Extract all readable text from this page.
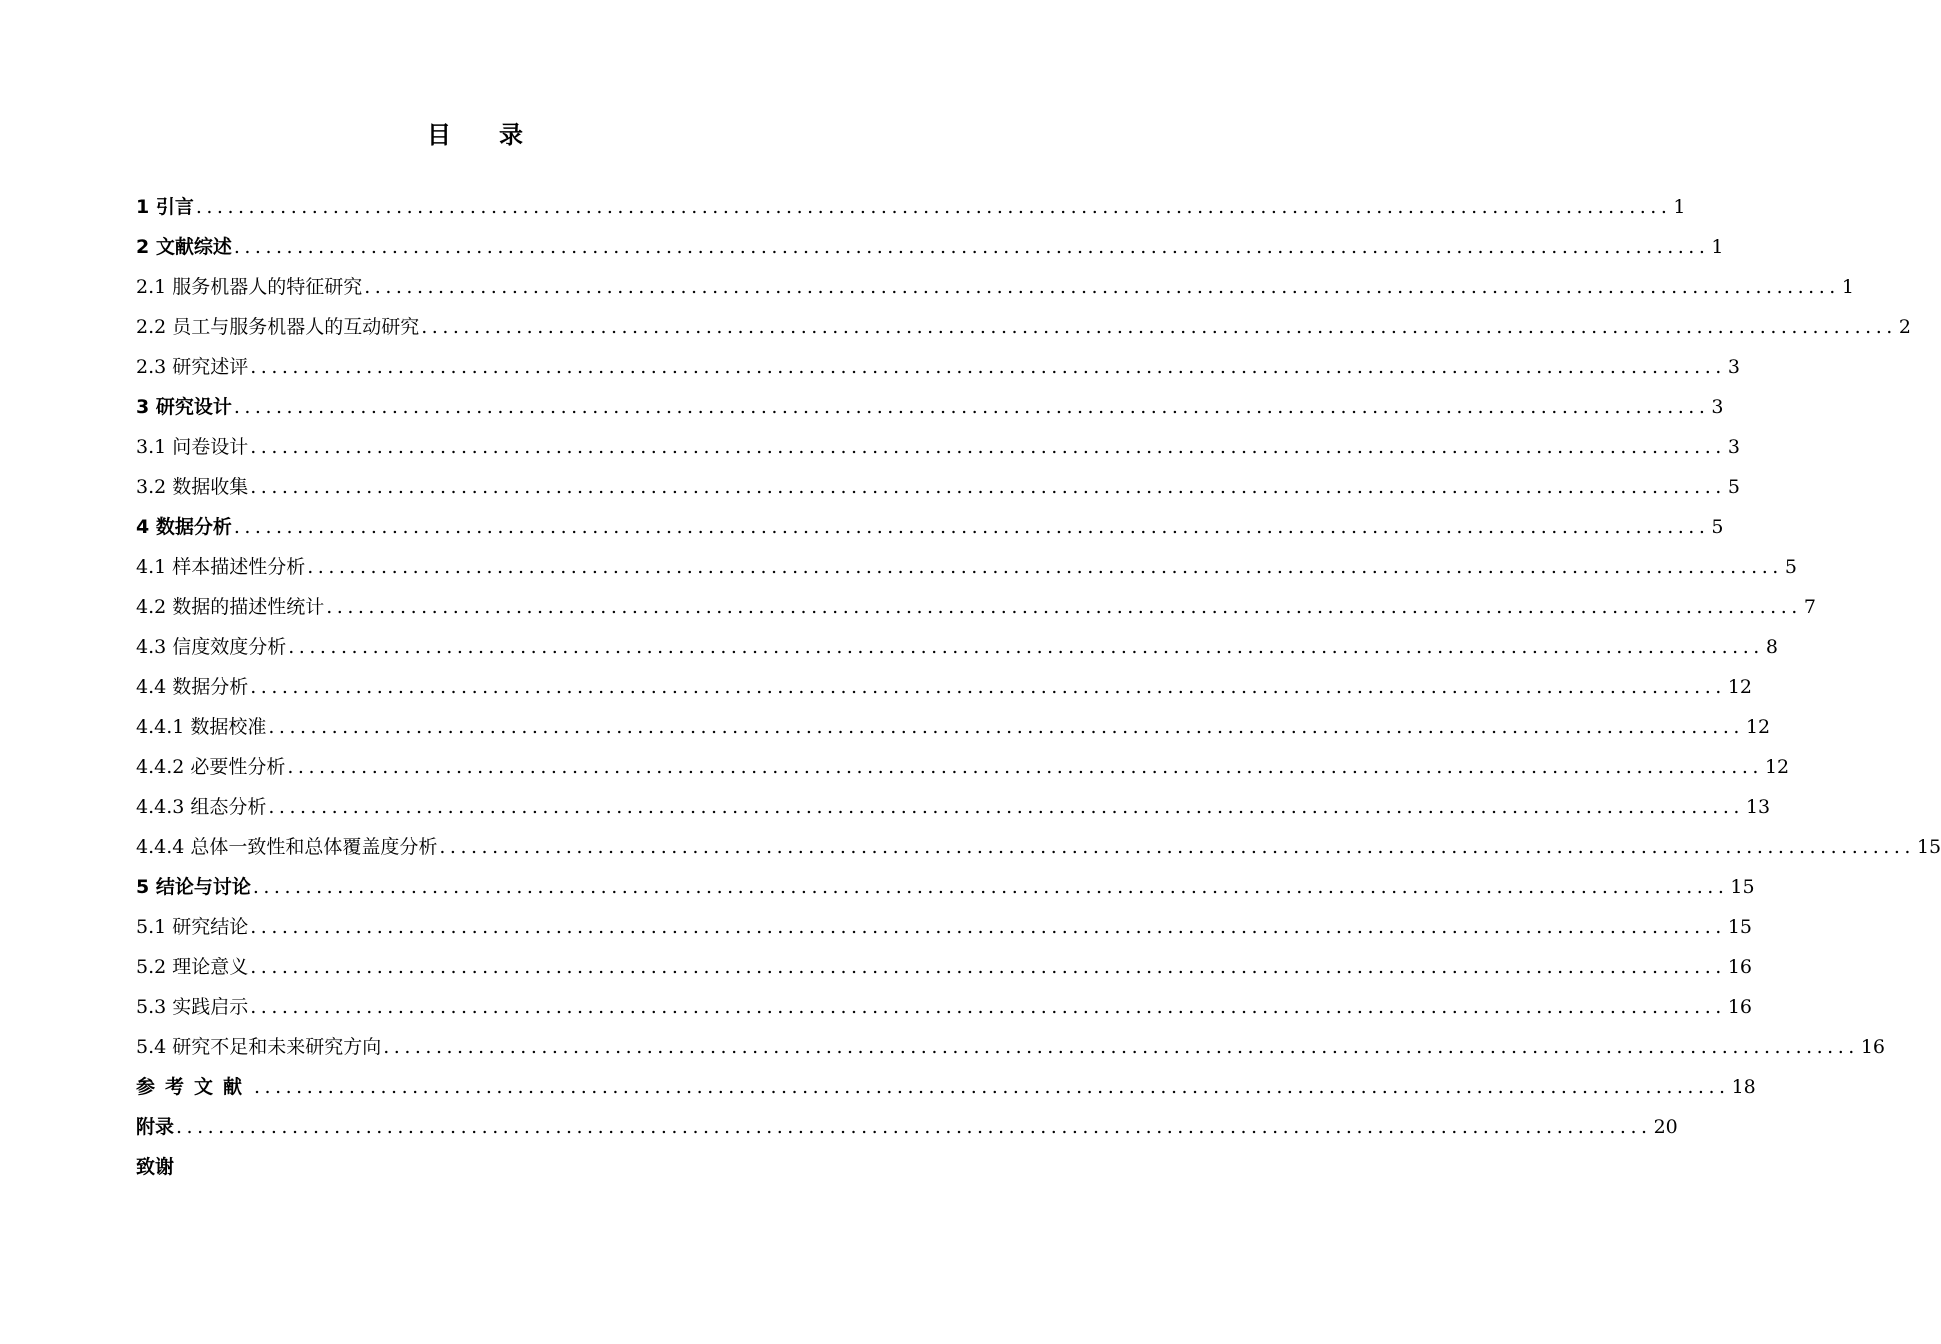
目 录
1 引言 ............................................................................................................................................ 1
2 文献综述 ............................................................................................................................................ 1
2.1 服务机器人的特征研究 ............................................................................................................................................ 1
2.2 员工与服务机器人的互动研究 ............................................................................................................................................ 2
2.3 研究述评 ............................................................................................................................................ 3
3 研究设计 ............................................................................................................................................ 3
3.1 问卷设计 ............................................................................................................................................ 3
3.2 数据收集 ............................................................................................................................................ 5
4 数据分析 ............................................................................................................................................ 5
4.1 样本描述性分析 ............................................................................................................................................ 5
4.2 数据的描述性统计 ............................................................................................................................................ 7
4.3 信度效度分析 ............................................................................................................................................ 8
4.4 数据分析 ............................................................................................................................................ 12
4.4.1 数据校准 ............................................................................................................................................ 12
4.4.2 必要性分析 ............................................................................................................................................ 12
4.4.3 组态分析 ............................................................................................................................................ 13
4.4.4 总体一致性和总体覆盖度分析 ............................................................................................................................................ 15
5 结论与讨论 ............................................................................................................................................ 15
5.1 研究结论 ............................................................................................................................................ 15
5.2 理论意义 ............................................................................................................................................ 16
5.3 实践启示 ............................................................................................................................................ 16
5.4 研究不足和未来研究方向 ............................................................................................................................................ 16
参考文献 ............................................................................................................................................ 18
附录 ............................................................................................................................................ 20
致谢
